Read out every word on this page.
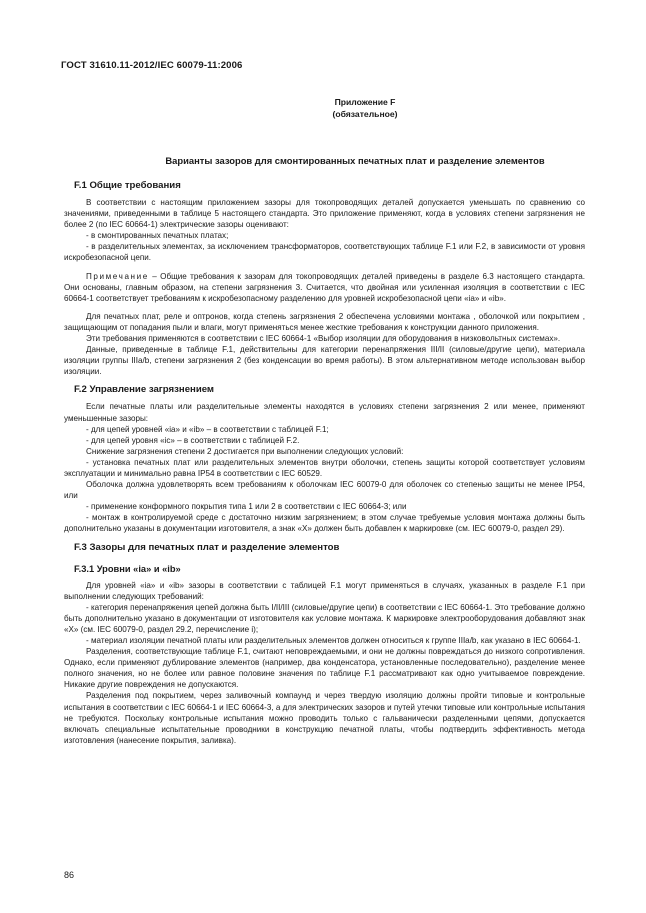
ГОСТ 31610.11-2012/IEC 60079-11:2006
Приложение F
(обязательное)
Варианты зазоров для смонтированных печатных плат и разделение элементов
F.1 Общие требования

В соответствии с настоящим приложением зазоры для токопроводящих деталей допускается уменьшать по сравнению со значениями, приведенными в таблице 5 настоящего стандарта. Это приложение применяют, когда в условиях степени загрязнения не более 2 (по IEC 60664-1) электрические зазоры оценивают:

- в смонтированных печатных платах;

- в разделительных элементах, за исключением трансформаторов, соответствующих таблице F.1 или F.2, в зависимости от уровня искробезопасной цепи.

Примечание – Общие требования к зазорам для токопроводящих деталей приведены в разделе 6.3 настоящего стандарта. Они основаны, главным образом, на степени загрязнения 3. Считается, что двойная или усиленная изоляция в соответствии с IEC 60664-1 соответствует требованиям к искробезопасному разделению для уровней искробезопасной цепи «ia» и «ib».

Для печатных плат, реле и оптронов, когда степень загрязнения 2 обеспечена условиями монтажа , оболочкой или покрытием , защищающим от попадания пыли и влаги, могут применяться менее жесткие требования к конструкции данного приложения.

Эти требования применяются в соответствии с IEC 60664-1 «Выбор изоляции для оборудования в низковольтных системах».

Данные, приведенные в таблице F.1, действительны для категории перенапряжения III/II (силовые/другие цепи), материала изоляции группы IIIa/b, степени загрязнения 2 (без конденсации во время работы). В этом альтернативном методе использован выбор изоляции.

F.2 Управление загрязнением

Если печатные платы или разделительные элементы находятся в условиях степени загрязнения 2 или менее, применяют уменьшенные зазоры:

- для цепей уровней «ia» и «ib» – в соответствии с таблицей F.1;

- для цепей уровня «ic» – в соответствии с таблицей F.2.

Снижение загрязнения степени 2 достигается при выполнении следующих условий:

- установка печатных плат или разделительных элементов внутри оболочки, степень защиты которой соответствует условиям эксплуатации и минимально равна IP54 в соответствии с IEC 60529.

Оболочка должна удовлетворять всем требованиям к оболочкам IEC 60079-0 для оболочек со степенью защиты не менее IP54, или

- применение конформного покрытия типа 1 или 2 в соответствии с IEC 60664-3; или

- монтаж в контролируемой среде с достаточно низким загрязнением; в этом случае требуемые условия монтажа должны быть дополнительно указаны в документации изготовителя, а знак «X» должен быть добавлен к маркировке (см. IEC 60079-0, раздел 29).

F.3 Зазоры для печатных плат и разделение элементов
F.3.1 Уровни «ia» и «ib»

Для уровней «ia» и «ib» зазоры в соответствии с таблицей F.1 могут применяться в случаях, указанных в разделе F.1 при выполнении следующих требований:

- категория перенапряжения цепей должна быть I/II/III (силовые/другие цепи) в соответствии с IEC 60664-1. Это требование должно быть дополнительно указано в документации от изготовителя как условие монтажа. К маркировке электрооборудования добавляют знак «X» (см. IEC 60079-0, раздел 29.2, перечисление i);

- материал изоляции печатной платы или разделительных элементов должен относиться к группе IIIa/b, как указано в IEC 60664-1.

Разделения, соответствующие таблице F.1, считают неповреждаемыми, и они не должны повреждаться до низкого сопротивления. Однако, если применяют дублирование элементов (например, два конденсатора, установленные последовательно), разделение менее полного значения, но не более или равное половине значения по таблице F.1 рассматривают как одно учитываемое повреждение. Никакие другие повреждения не допускаются.

Разделения под покрытием, через заливочный компаунд и через твердую изоляцию должны пройти типовые и контрольные испытания в соответствии с IEC 60664-1 и IEC 60664-3, а для электрических зазоров и путей утечки типовые или контрольные испытания не требуются. Поскольку контрольные испытания можно проводить только с гальванически разделенными цепями, допускается включать специальные испытательные проводники в конструкцию печатной платы, чтобы подтвердить эффективность метода изготовления (нанесение покрытия, заливка).

86
